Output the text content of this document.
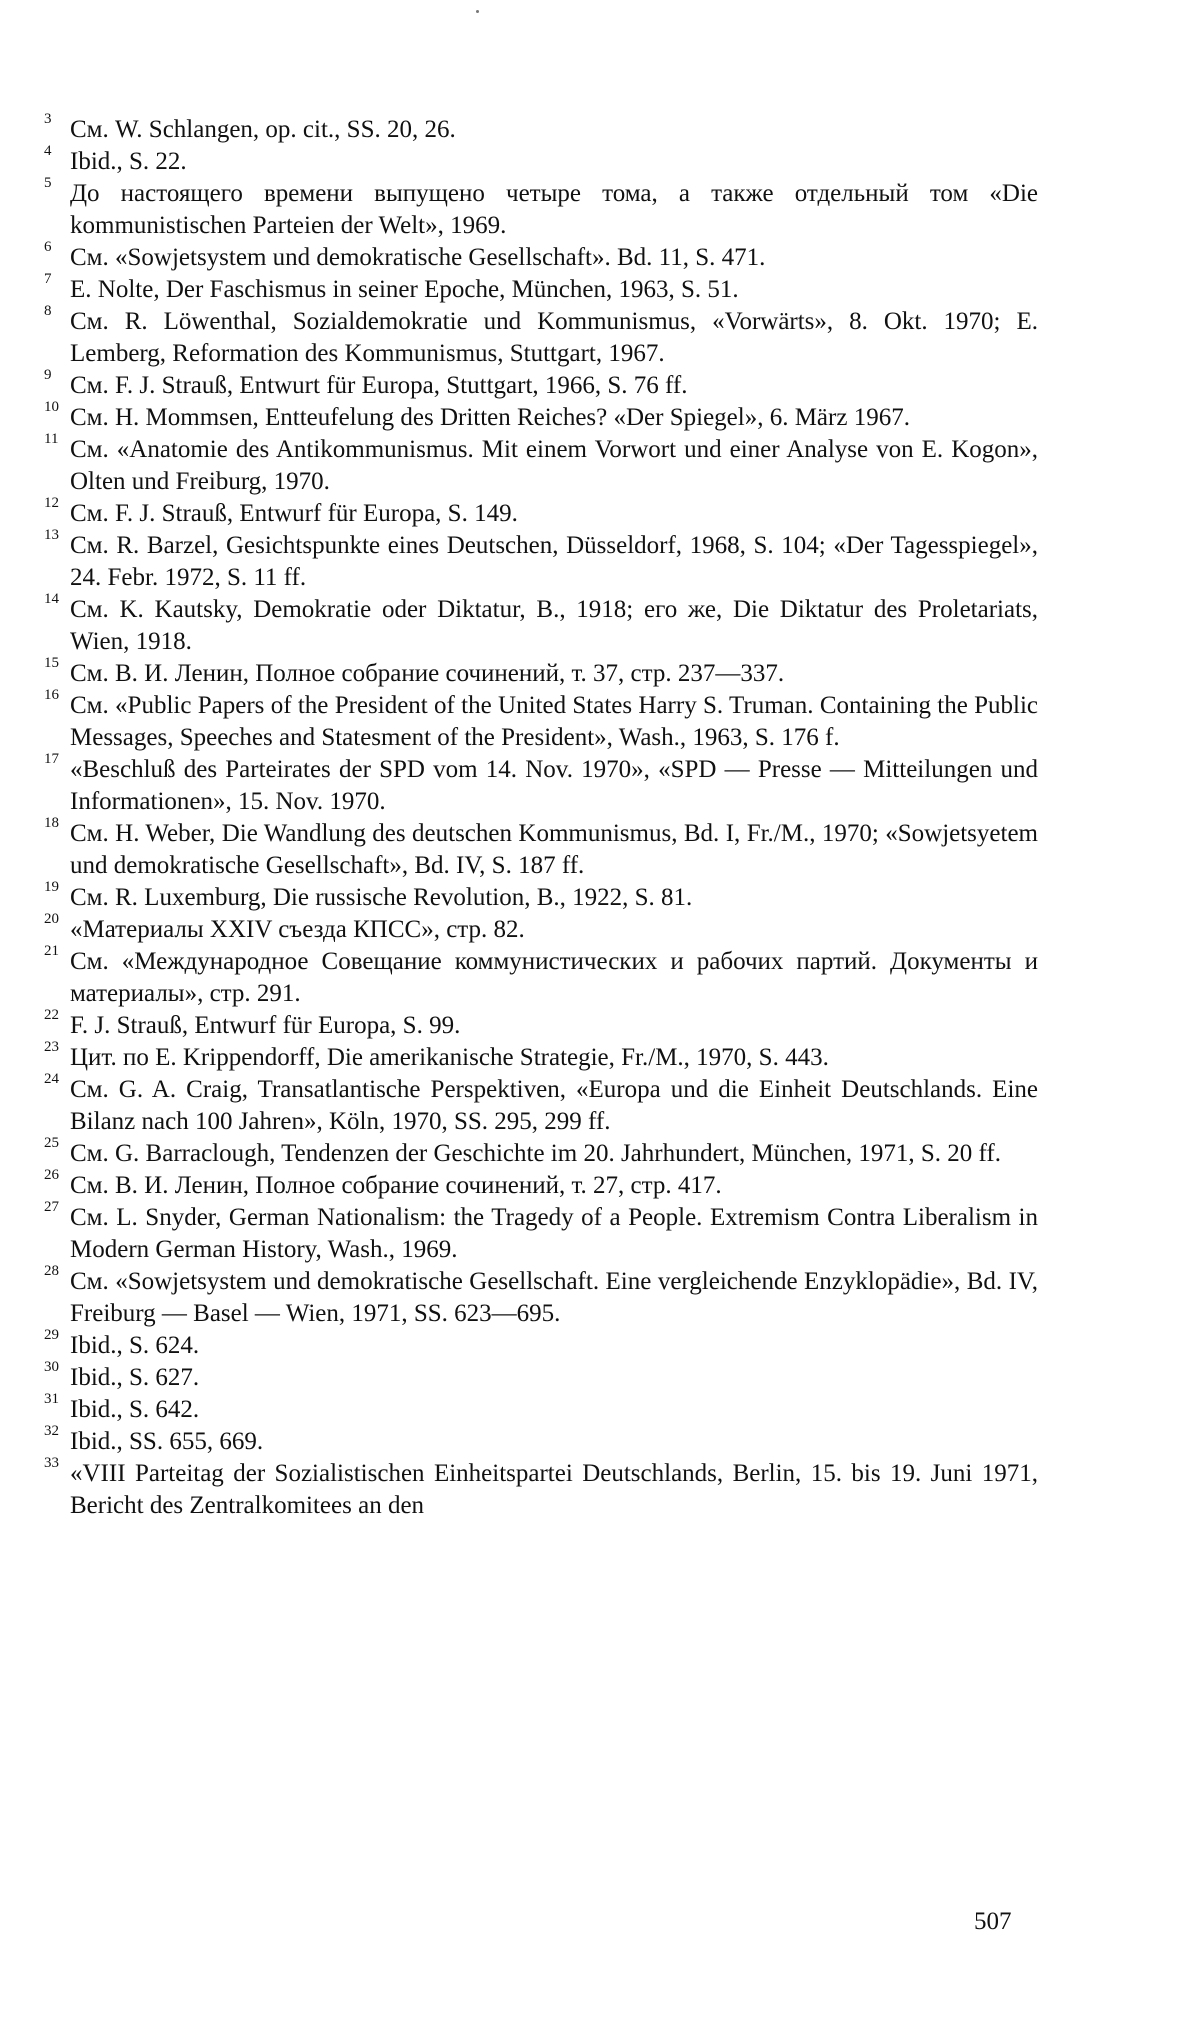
3 См. W. Schlangen, op. cit., SS. 20, 26.

4 Ibid., S. 22.

5 До настоящего времени выпущено четыре тома, а также отдельный том «Die kommunistischen Parteien der Welt», 1969.

6 См. «Sowjetsystem und demokratische Gesellschaft». Bd. 11, S. 471.

7 E. Nolte, Der Faschismus in seiner Epoche, München, 1963, S. 51.

8 См. R. Löwenthal, Sozialdemokratie und Kommunismus, «Vorwärts», 8. Okt. 1970; E. Lemberg, Reformation des Kommunismus, Stuttgart, 1967.

9 См. F. J. Strauß, Entwurt für Europa, Stuttgart, 1966, S. 76 ff.

10 См. H. Mommsen, Entteufelung des Dritten Reiches? «Der Spiegel», 6. März 1967.

11 См. «Anatomie des Antikommunismus. Mit einem Vorwort und einer Analyse von E. Kogon», Olten und Freiburg, 1970.

12 См. F. J. Strauß, Entwurf für Europa, S. 149.

13 См. R. Barzel, Gesichtspunkte eines Deutschen, Düsseldorf, 1968, S. 104; «Der Tagesspiegel», 24. Febr. 1972, S. 11 ff.

14 См. K. Kautsky, Demokratie oder Diktatur, B., 1918; его же, Die Diktatur des Proletariats, Wien, 1918.

15 См. В. И. Ленин, Полное собрание сочинений, т. 37, стр. 237—337.

16 См. «Public Papers of the President of the United States Harry S. Truman. Containing the Public Messages, Speeches and Statesment of the President», Wash., 1963, S. 176 f.

17 «Beschluß des Parteirates der SPD vom 14. Nov. 1970», «SPD — Presse — Mitteilungen und Informationen», 15. Nov. 1970.

18 См. H. Weber, Die Wandlung des deutschen Kommunismus, Bd. I, Fr./M., 1970; «Sowjetsyetem und demokratische Gesellschaft», Bd. IV, S. 187 ff.

19 См. R. Luxemburg, Die russische Revolution, B., 1922, S. 81.

20 «Материалы XXIV съезда КПСС», стр. 82.

21 См. «Международное Совещание коммунистических и рабочих партий. Документы и материалы», стр. 291.

22 F. J. Strauß, Entwurf für Europa, S. 99.

23 Цит. по E. Krippendorff, Die amerikanische Strategie, Fr./M., 1970, S. 443.

24 См. G. A. Craig, Transatlantische Perspektiven, «Europa und die Einheit Deutschlands. Eine Bilanz nach 100 Jahren», Köln, 1970, SS. 295, 299 ff.

25 См. G. Barraclough, Tendenzen der Geschichte im 20. Jahrhundert, München, 1971, S. 20 ff.

26 См. В. И. Ленин, Полное собрание сочинений, т. 27, стр. 417.

27 См. L. Snyder, German Nationalism: the Tragedy of a People. Extremism Contra Liberalism in Modern German History, Wash., 1969.

28 См. «Sowjetsystem und demokratische Gesellschaft. Eine vergleichende Enzyklopädie», Bd. IV, Freiburg — Basel — Wien, 1971, SS. 623—695.

29 Ibid., S. 624.

30 Ibid., S. 627.

31 Ibid., S. 642.

32 Ibid., SS. 655, 669.

33 «VIII Parteitag der Sozialistischen Einheitspartei Deutschlands, Berlin, 15. bis 19. Juni 1971, Bericht des Zentralkomitees an den

507
